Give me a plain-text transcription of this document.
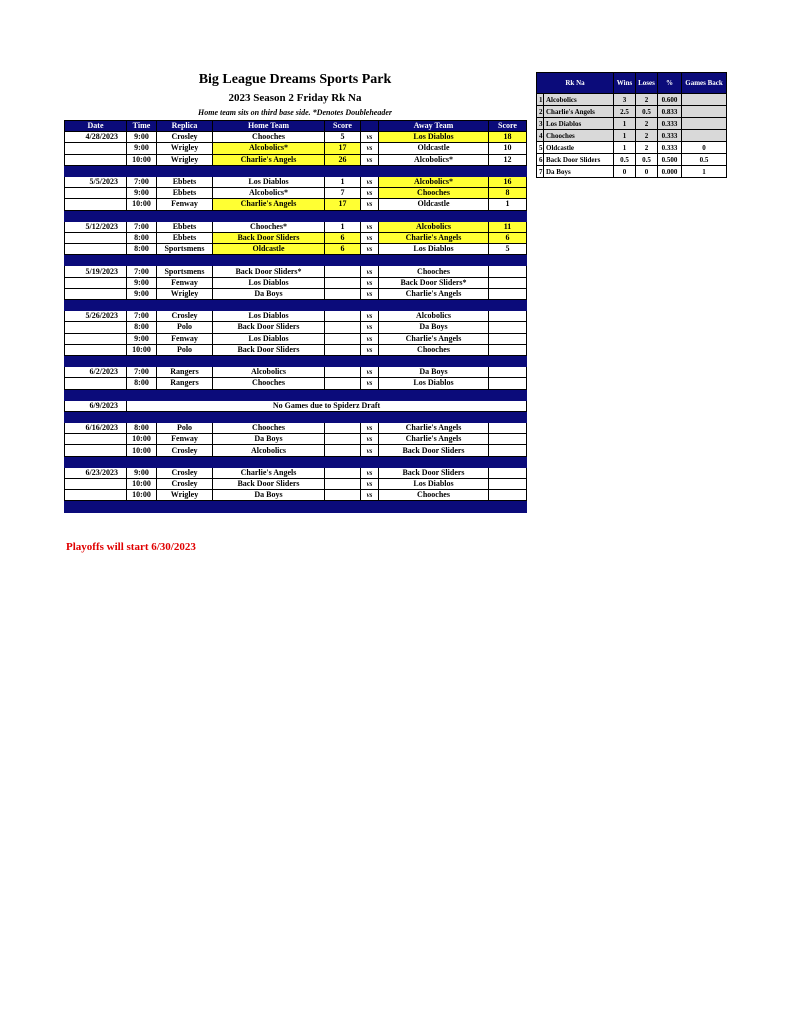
Big League Dreams Sports Park
2023 Season 2 Friday Rk Na
Home team sits on third base side. *Denotes Doubleheader
Date	Time	Replica	Home Team	Score		Away Team	Score
4/28/2023	9:00	Crosley	Chooches	5	vs	Los Diablos	18
	9:00	Wrigley	Alcobolics*	17	vs	Oldcastle	10
	10:00	Wrigley	Charlie's Angels	26	vs	Alcobolics*	12

5/5/2023	7:00	Ebbets	Los Diablos	1	vs	Alcobolics*	16
	9:00	Ebbets	Alcobolics*	7	vs	Chooches	8
	10:00	Fenway	Charlie's Angels	17	vs	Oldcastle	1

5/12/2023	7:00	Ebbets	Chooches*	1	vs	Alcobolics	11
	8:00	Ebbets	Back Door Sliders	6	vs	Charlie's Angels	6
	8:00	Sportsmens	Oldcastle	6	vs	Los Diablos	5

5/19/2023	7:00	Sportsmens	Back Door Sliders*		vs	Chooches	
	9:00	Fenway	Los Diablos		vs	Back Door Sliders*	
	9:00	Wrigley	Da Boys		vs	Charlie's Angels	

5/26/2023	7:00	Crosley	Los Diablos		vs	Alcobolics	
	8:00	Polo	Back Door Sliders		vs	Da Boys	
	9:00	Fenway	Los Diablos		vs	Charlie's Angels	
	10:00	Polo	Back Door Sliders		vs	Chooches	

6/2/2023	7:00	Rangers	Alcobolics		vs	Da Boys	
	8:00	Rangers	Chooches		vs	Los Diablos	

6/9/2023	No Games due to Spiderz Draft						

6/16/2023	8:00	Polo	Chooches		vs	Charlie's Angels	
	10:00	Fenway	Da Boys		vs	Charlie's Angels	
	10:00	Crosley	Alcobolics		vs	Back Door Sliders	

6/23/2023	9:00	Crosley	Charlie's Angels		vs	Back Door Sliders	
	10:00	Crosley	Back Door Sliders		vs	Los Diablos	
	10:00	Wrigley	Da Boys		vs	Chooches	

Rk Na		Wins	Loses	%	Games Back
1	Alcobolics	3	2	0.600	
2	Charlie's Angels	2.5	0.5	0.833	
3	Los Diablos	1	2	0.333	
4	Chooches	1	2	0.333	
5	Oldcastle	1	2	0.333	0
6	Back Door Sliders	0.5	0.5	0.500	0.5
7	Da Boys	0	0	0.000	1
Playoffs will start 6/30/2023
